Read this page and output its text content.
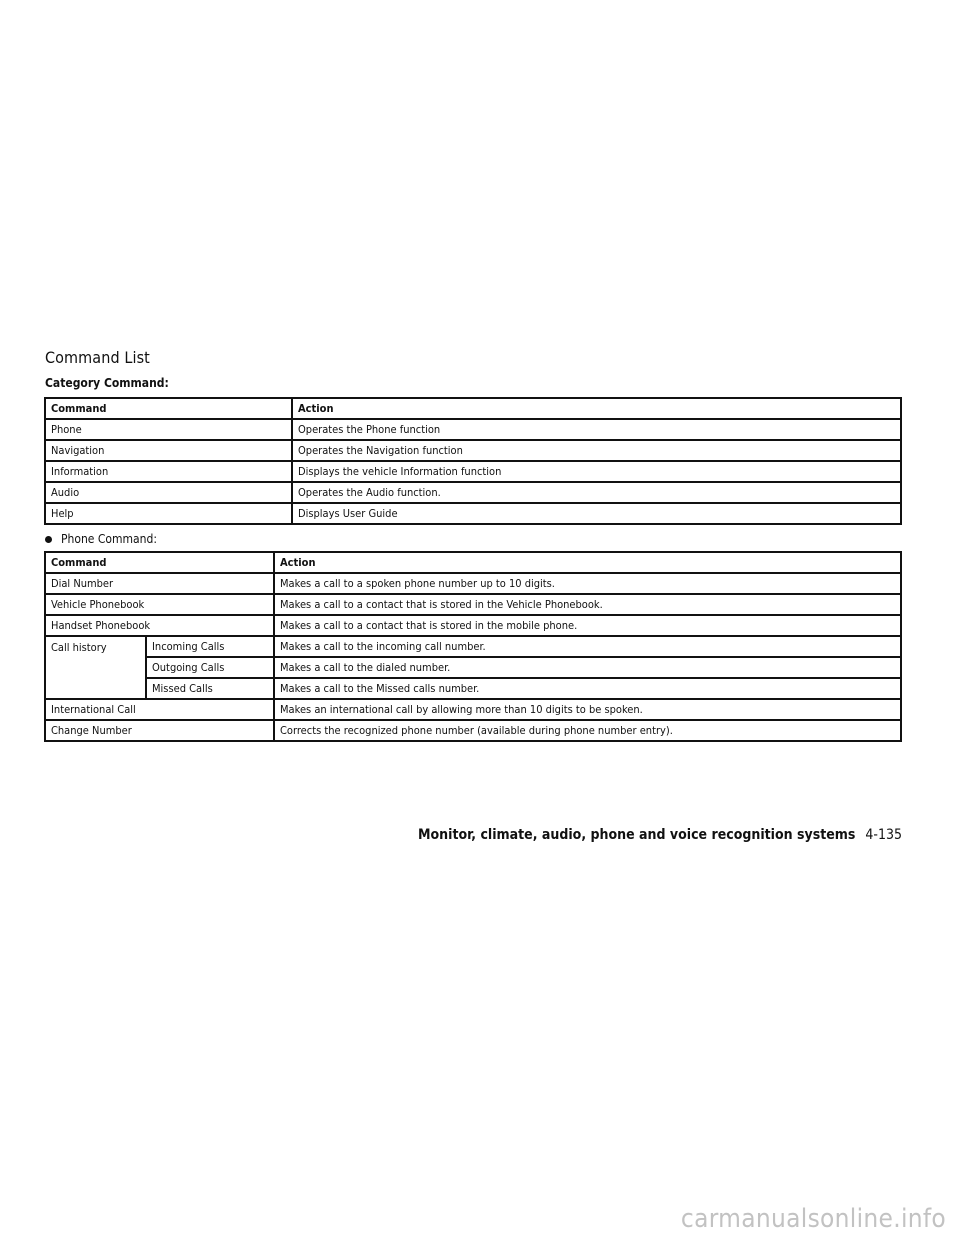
Command List
Category Command:
Command	Action
Phone	Operates the Phone function
Navigation	Operates the Navigation function
Information	Displays the vehicle Information function
Audio	Operates the Audio function.
Help	Displays User Guide
Phone Command:
Command		Action
Dial Number		Makes a call to a spoken phone number up to 10 digits.
Vehicle Phonebook		Makes a call to a contact that is stored in the Vehicle Phonebook.
Handset Phonebook		Makes a call to a contact that is stored in the mobile phone.
Call history	Incoming Calls	Makes a call to the incoming call number.
	Outgoing Calls	Makes a call to the dialed number.
	Missed Calls	Makes a call to the Missed calls number.
International Call		Makes an international call by allowing more than 10 digits to be spoken.
Change Number		Corrects the recognized phone number (available during phone number entry).
Monitor, climate, audio, phone and voice recognition systems 4-135
carmanualsonline.info
